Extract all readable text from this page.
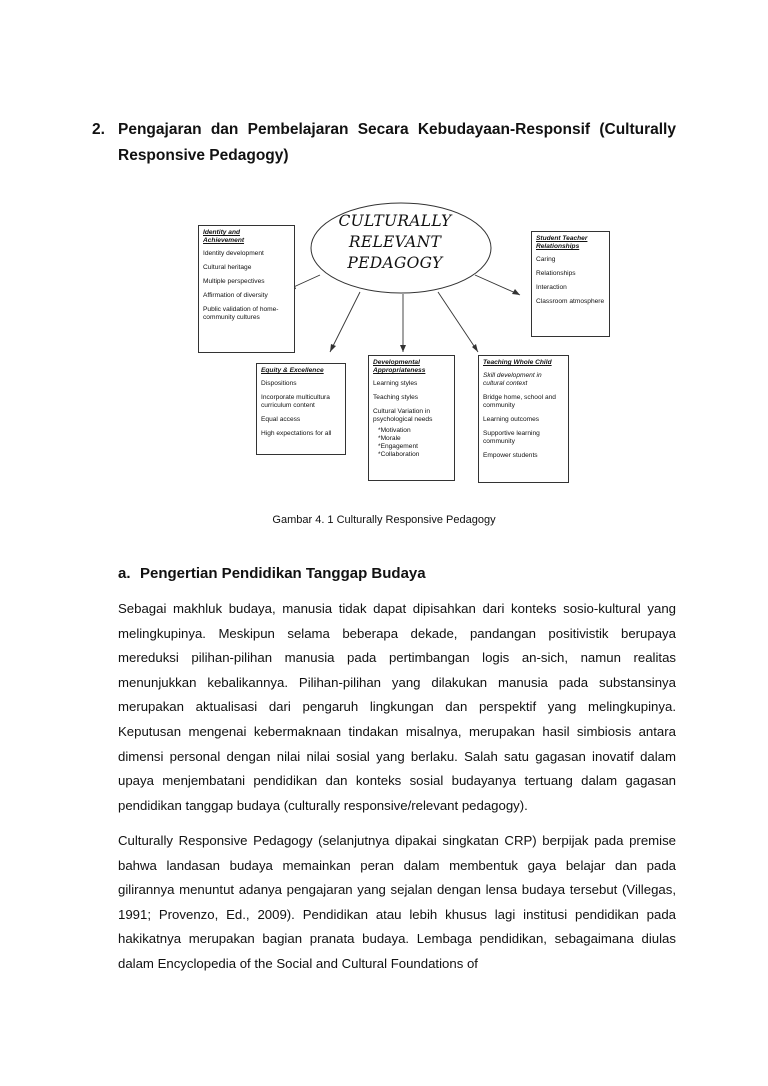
2. Pengajaran dan Pembelajaran Secara Kebudayaan-Responsif (Culturally Responsive Pedagogy)
CULTURALLY
RELEVANT
PEDAGOGY
Identity and
Achievement
Identity development
Cultural heritage
Multiple perspectives
Affirmation of diversity
Public validation of home-community cultures
Student Teacher
Relationships
Caring
Relationships
Interaction
Classroom atmosphere
Equity & Excellence
Dispositions
Incorporate multicultura curriculum content
Equal access
High expectations for all
Developmental
Appropriateness
Learning styles
Teaching styles
Cultural Variation in psychological needs
*Motivation
*Morale
*Engagement
*Collaboration
Teaching Whole Child
Skill development in cultural context
Bridge home, school and community
Learning outcomes
Supportive learning community
Empower students
Gambar 4. 1 Culturally Responsive Pedagogy
a. Pengertian Pendidikan Tanggap Budaya

Sebagai makhluk budaya, manusia tidak dapat dipisahkan dari konteks sosio-kultural yang melingkupinya. Meskipun selama beberapa dekade, pandangan positivistik berupaya mereduksi pilihan-pilihan manusia pada pertimbangan logis an-sich, namun realitas menunjukkan kebalikannya. Pilihan-pilihan yang dilakukan manusia pada substansinya merupakan aktualisasi dari pengaruh lingkungan dan perspektif yang melingkupinya. Keputusan mengenai kebermaknaan tindakan misalnya, merupakan hasil simbiosis antara dimensi personal dengan nilai nilai sosial yang berlaku. Salah satu gagasan inovatif dalam upaya menjembatani pendidikan dan konteks sosial budayanya tertuang dalam gagasan pendidikan tanggap budaya (culturally responsive/relevant pedagogy).

Culturally Responsive Pedagogy (selanjutnya dipakai singkatan CRP) berpijak pada premise bahwa landasan budaya memainkan peran dalam membentuk gaya belajar dan pada gilirannya menuntut adanya pengajaran yang sejalan dengan lensa budaya tersebut (Villegas, 1991; Provenzo, Ed., 2009). Pendidikan atau lebih khusus lagi institusi pendidikan pada hakikatnya merupakan bagian pranata budaya. Lembaga pendidikan, sebagaimana diulas dalam Encyclopedia of the Social and Cultural Foundations of
